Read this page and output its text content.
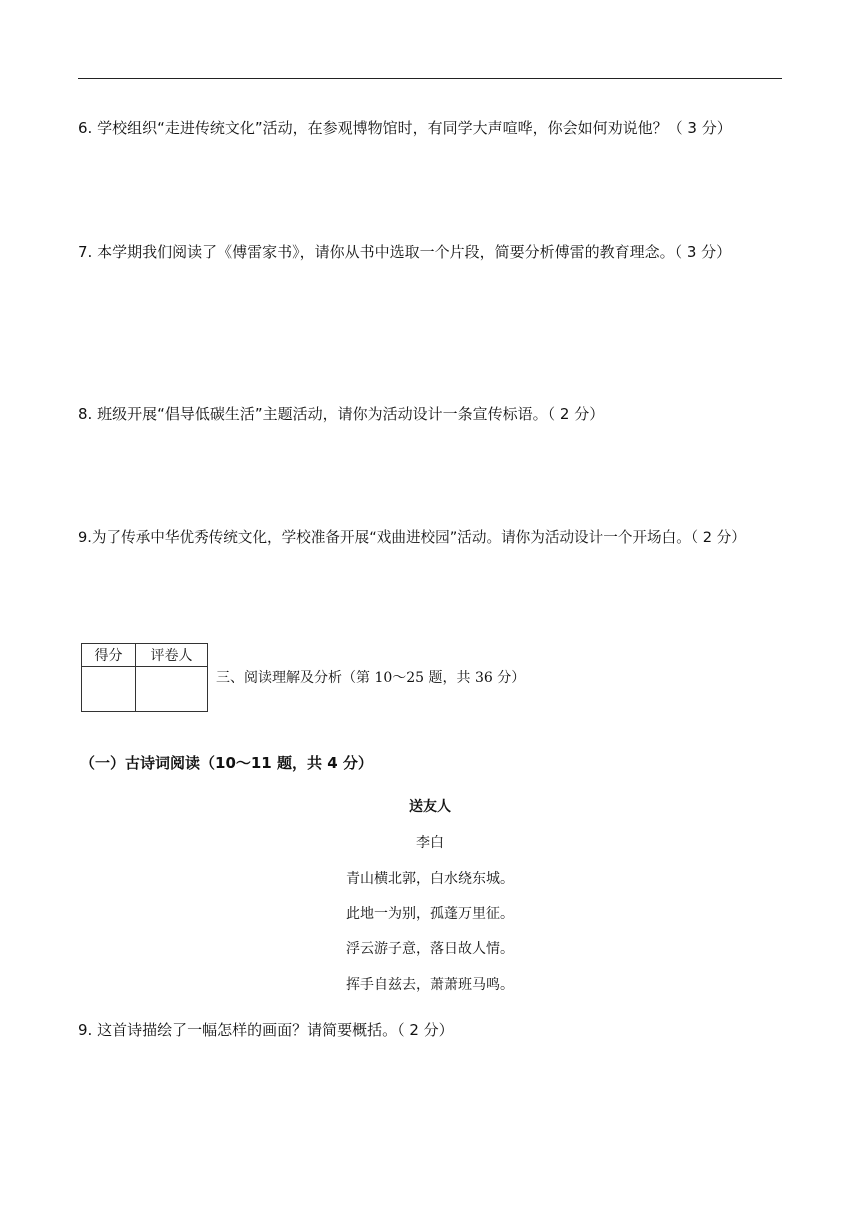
6. 学校组织“走进传统文化”活动，在参观博物馆时，有同学大声喧哗，你会如何劝说他？（ 3 分）
7. 本学期我们阅读了《傅雷家书》，请你从书中选取一个片段，简要分析傅雷的教育理念。（ 3 分）
8. 班级开展“倡导低碳生活”主题活动，请你为活动设计一条宣传标语。（ 2 分）
9.为了传承中华优秀传统文化，学校准备开展“戏曲进校园”活动。请你为活动设计一个开场白。（ 2 分）
得分	评卷人

三、阅读理解及分析（第 10～25 题，共 36 分）
（一）古诗词阅读（10～11 题，共 4 分）
送友人
李白
青山横北郭，白水绕东城。
此地一为别，孤蓬万里征。
浮云游子意，落日故人情。
挥手自兹去，萧萧班马鸣。
9. 这首诗描绘了一幅怎样的画面？请简要概括。（ 2 分）
